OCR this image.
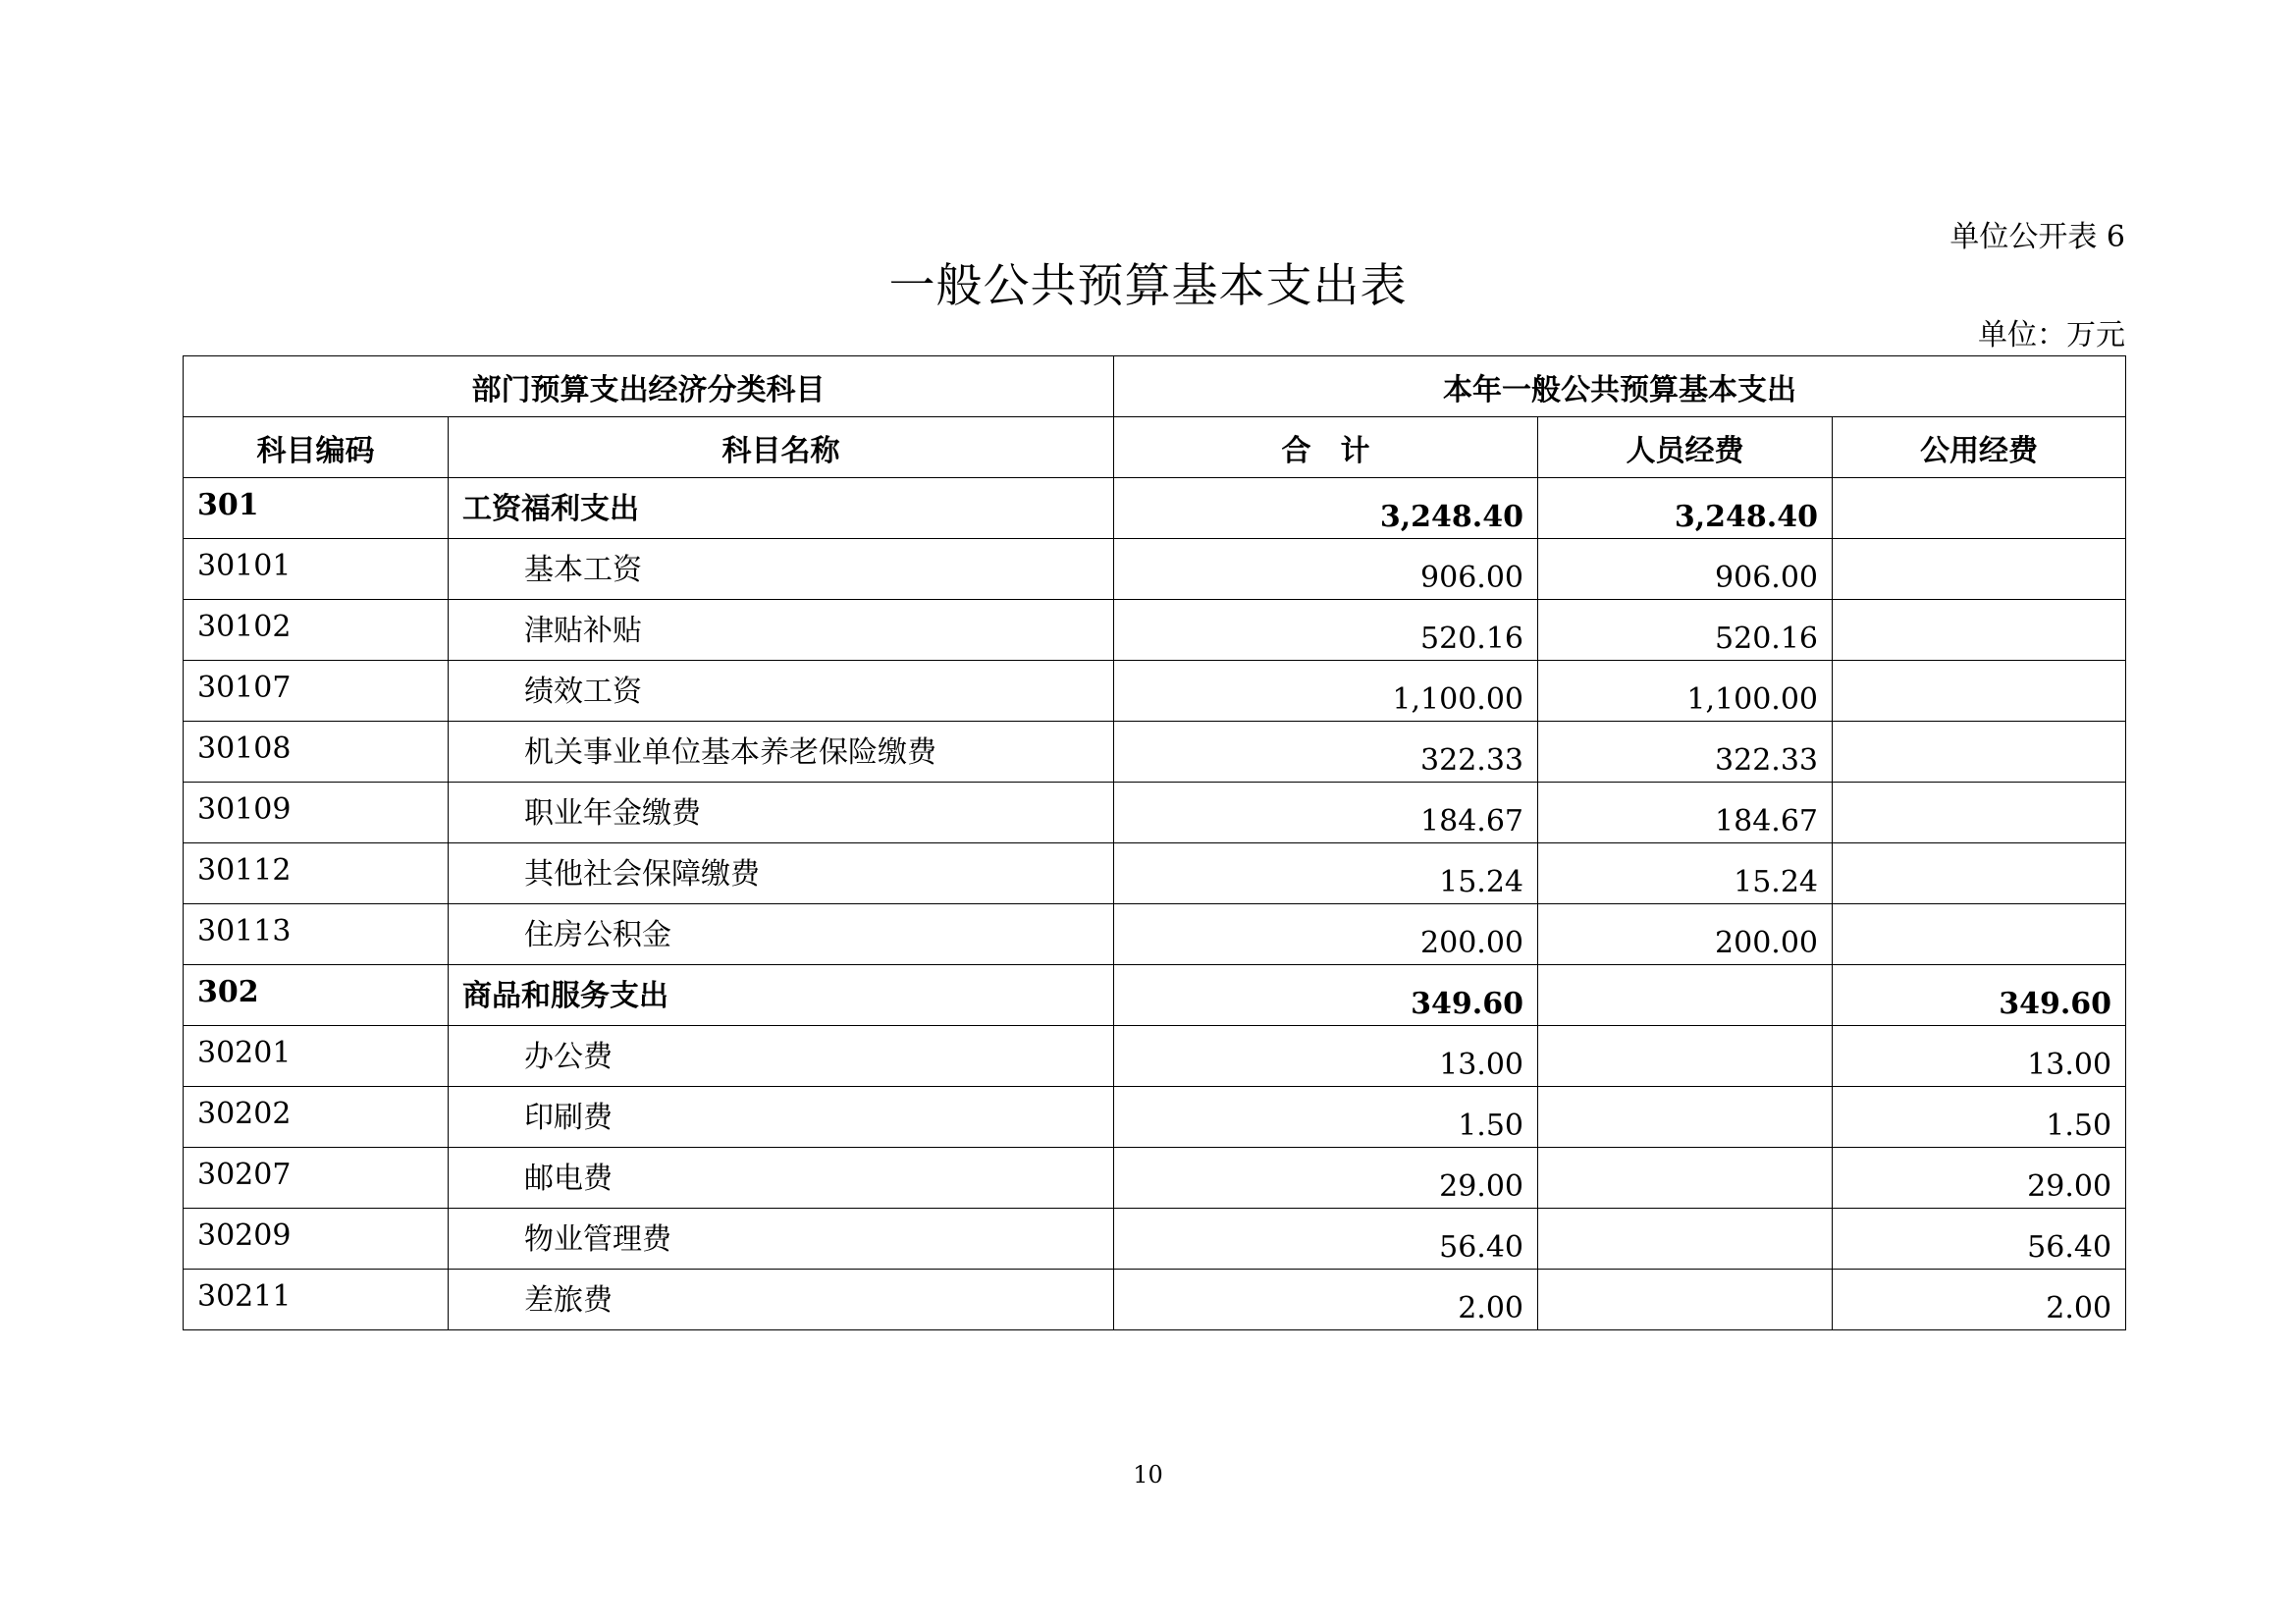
单位公开表 6
一般公共预算基本支出表
单位：万元
部门预算支出经济分类科目		本年一般公共预算基本支出		
科目编码	科目名称	合　计	人员经费	公用经费
301	工资福利支出	3,248.40	3,248.40	
30101	基本工资	906.00	906.00	
30102	津贴补贴	520.16	520.16	
30107	绩效工资	1,100.00	1,100.00	
30108	机关事业单位基本养老保险缴费	322.33	322.33	
30109	职业年金缴费	184.67	184.67	
30112	其他社会保障缴费	15.24	15.24	
30113	住房公积金	200.00	200.00	
302	商品和服务支出	349.60		349.60
30201	办公费	13.00		13.00
30202	印刷费	1.50		1.50
30207	邮电费	29.00		29.00
30209	物业管理费	56.40		56.40
30211	差旅费	2.00		2.00
10
